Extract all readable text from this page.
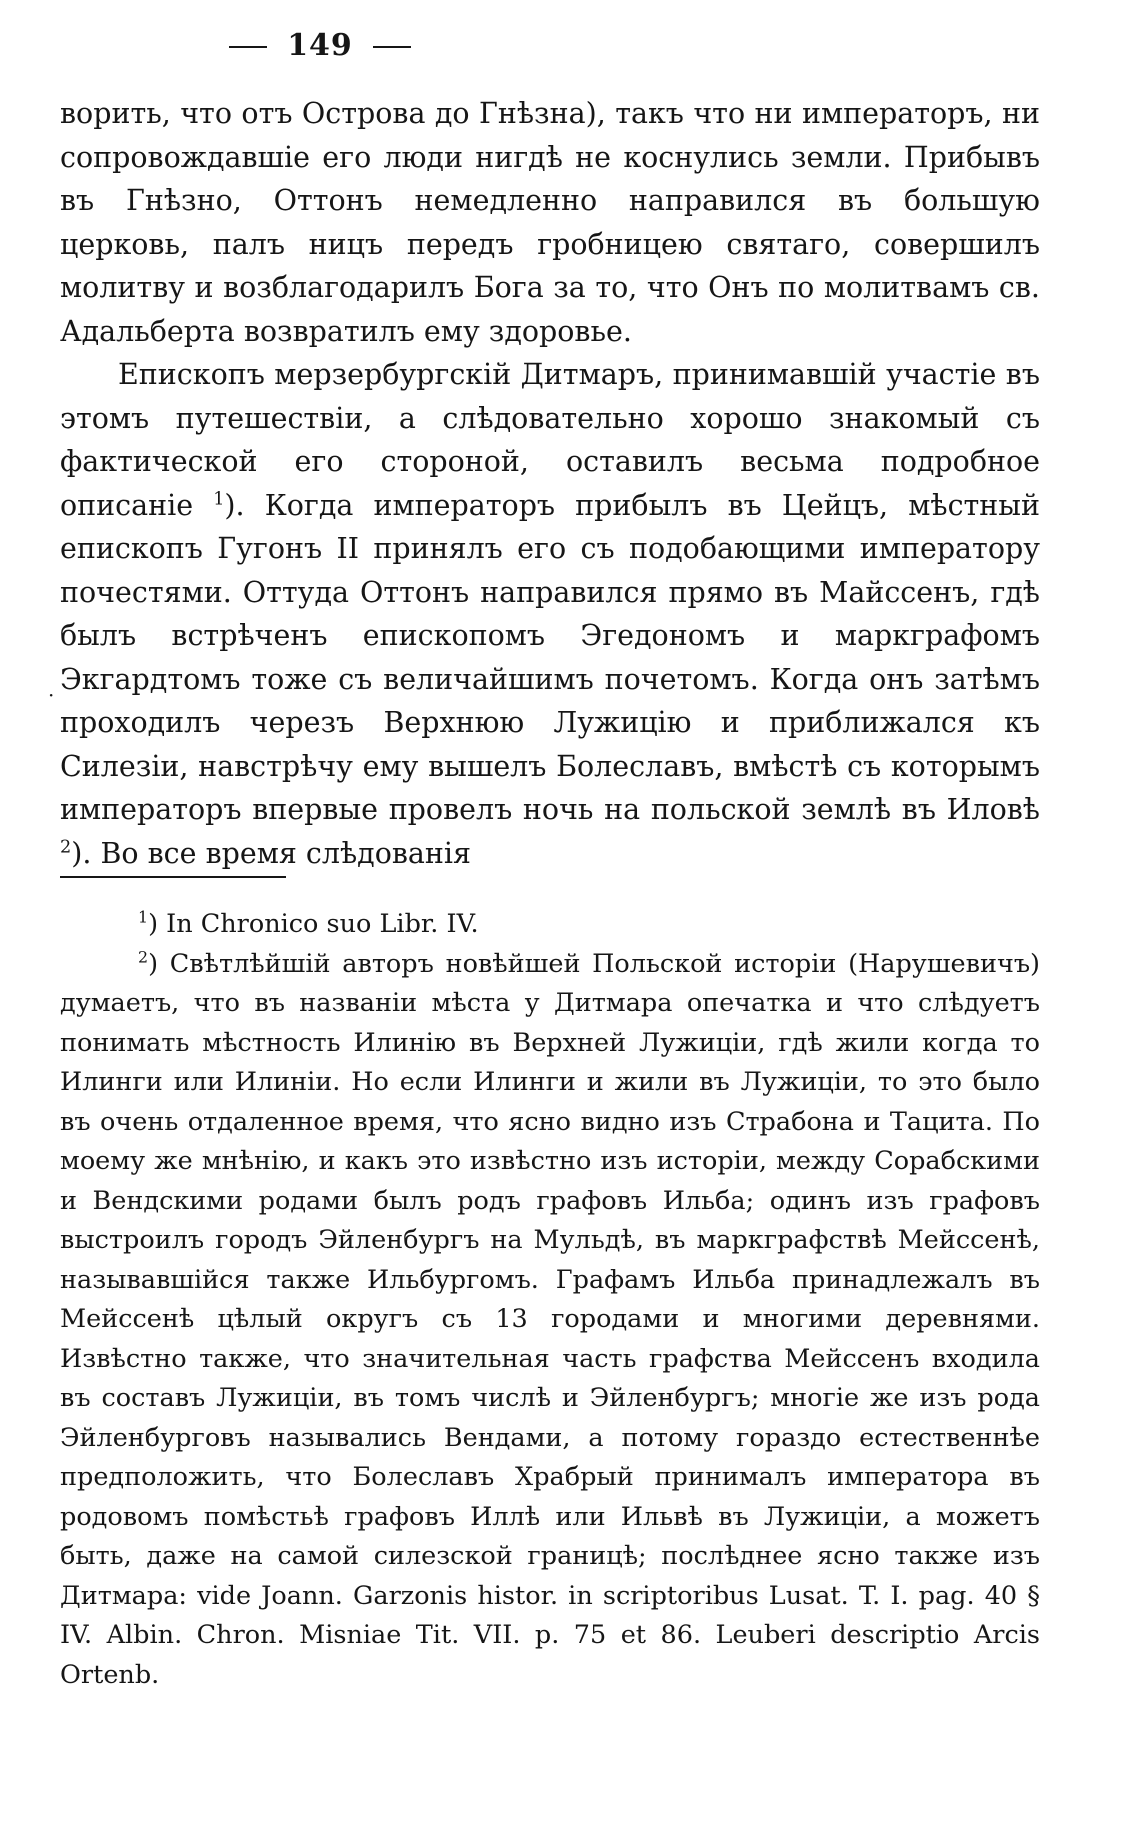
149

ворить, что отъ Острова до Гнѣзна), такъ что ни императоръ, ни сопровождавшіе его люди нигдѣ не коснулись земли. Прибывъ въ Гнѣзно, Оттонъ немедленно направился въ большую церковь, палъ ницъ передъ гробницею святаго, совершилъ молитву и возблагодарилъ Бога за то, что Онъ по молитвамъ св. Адальберта возвратилъ ему здоровье.

Епископъ мерзербургскій Дитмаръ, принимавшій участіе въ этомъ путешествіи, а слѣдовательно хорошо знакомый съ фактической его стороной, оставилъ весьма подробное описаніе $^1$). Когда императоръ прибылъ въ Цейцъ, мѣстный епископъ Гугонъ II принялъ его съ подобающими императору почестями. Оттуда Оттонъ направился прямо въ Майссенъ, гдѣ былъ встрѣченъ епископомъ Эгедономъ и маркграфомъ Экгардтомъ тоже съ величайшимъ почетомъ. Когда онъ затѣмъ проходилъ черезъ Верхнюю Лужицію и приближался къ Силезіи, навстрѣчу ему вышелъ Болеславъ, вмѣстѣ съ которымъ императоръ впервые провелъ ночь на польской землѣ въ Иловѣ $^2$). Во все время слѣдованія

·

$^1$) In Chronico suo Libr. IV.

$^2$) Свѣтлѣйшій авторъ новѣйшей Польской исторіи (Нарушевичъ) думаетъ, что въ названіи мѣста у Дитмара опечатка и что слѣдуетъ понимать мѣстность Илинію въ Верхней Лужиціи, гдѣ жили когда то Илинги или Илиніи. Но если Илинги и жили въ Лужиціи, то это было въ очень отдаленное время, что ясно видно изъ Страбона и Тацита. По моему же мнѣнію, и какъ это извѣстно изъ исторіи, между Сорабскими и Вендскими родами былъ родъ графовъ Ильба; одинъ изъ графовъ выстроилъ городъ Эйленбургъ на Мульдѣ, въ маркграфствѣ Мейссенѣ, называвшійся также Ильбургомъ. Графамъ Ильба принадлежалъ въ Мейссенѣ цѣлый округъ съ 13 городами и многими деревнями. Извѣстно также, что значительная часть графства Мейссенъ входила въ составъ Лужиціи, въ томъ числѣ и Эйленбургъ; многіе же изъ рода Эйленбурговъ назывались Вендами, а потому гораздо естественнѣе предположить, что Болеславъ Храбрый принималъ императора въ родовомъ помѣстьѣ графовъ Иллѣ или Ильвѣ въ Лужиціи, а можетъ быть, даже на самой силезской границѣ; послѣднее ясно также изъ Дитмара: vide Joann. Garzonis histor. in scriptoribus Lusat. T. I. pag. 40 § IV. Albin. Chron. Misniae Tit. VII. p. 75 et 86. Leuberi descriptio Arcis Ortenb.
